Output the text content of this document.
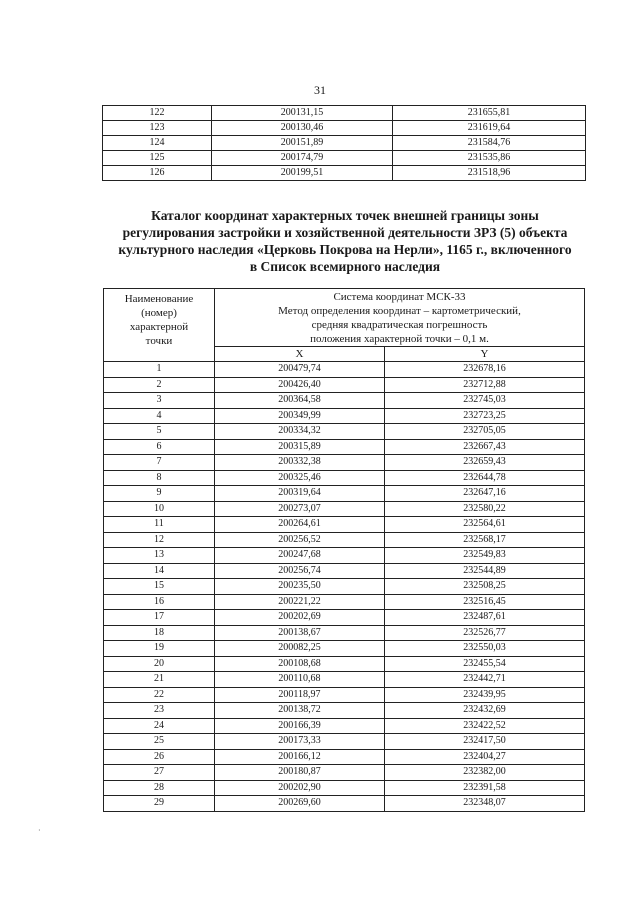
31
122	200131,15	231655,81
123	200130,46	231619,64
124	200151,89	231584,76
125	200174,79	231535,86
126	200199,51	231518,96
Каталог координат характерных точек внешней границы зоны
регулирования застройки и хозяйственной деятельности ЗРЗ (5) объекта
культурного наследия «Церковь Покрова на Нерли», 1165 г., включенного
в Список всемирного наследия
Наименование
(номер)
характерной
точки	Система координат МСК-33
Метод определения координат – картометрический,
средняя квадратическая погрешность
положения характерной точки – 0,1 м.	

	X	Y
1	200479,74	232678,16
2	200426,40	232712,88
3	200364,58	232745,03
4	200349,99	232723,25
5	200334,32	232705,05
6	200315,89	232667,43
7	200332,38	232659,43
8	200325,46	232644,78
9	200319,64	232647,16
10	200273,07	232580,22
11	200264,61	232564,61
12	200256,52	232568,17
13	200247,68	232549,83
14	200256,74	232544,89
15	200235,50	232508,25
16	200221,22	232516,45
17	200202,69	232487,61
18	200138,67	232526,77
19	200082,25	232550,03
20	200108,68	232455,54
21	200110,68	232442,71
22	200118,97	232439,95
23	200138,72	232432,69
24	200166,39	232422,52
25	200173,33	232417,50
26	200166,12	232404,27
27	200180,87	232382,00
28	200202,90	232391,58
29	200269,60	232348,07
·
